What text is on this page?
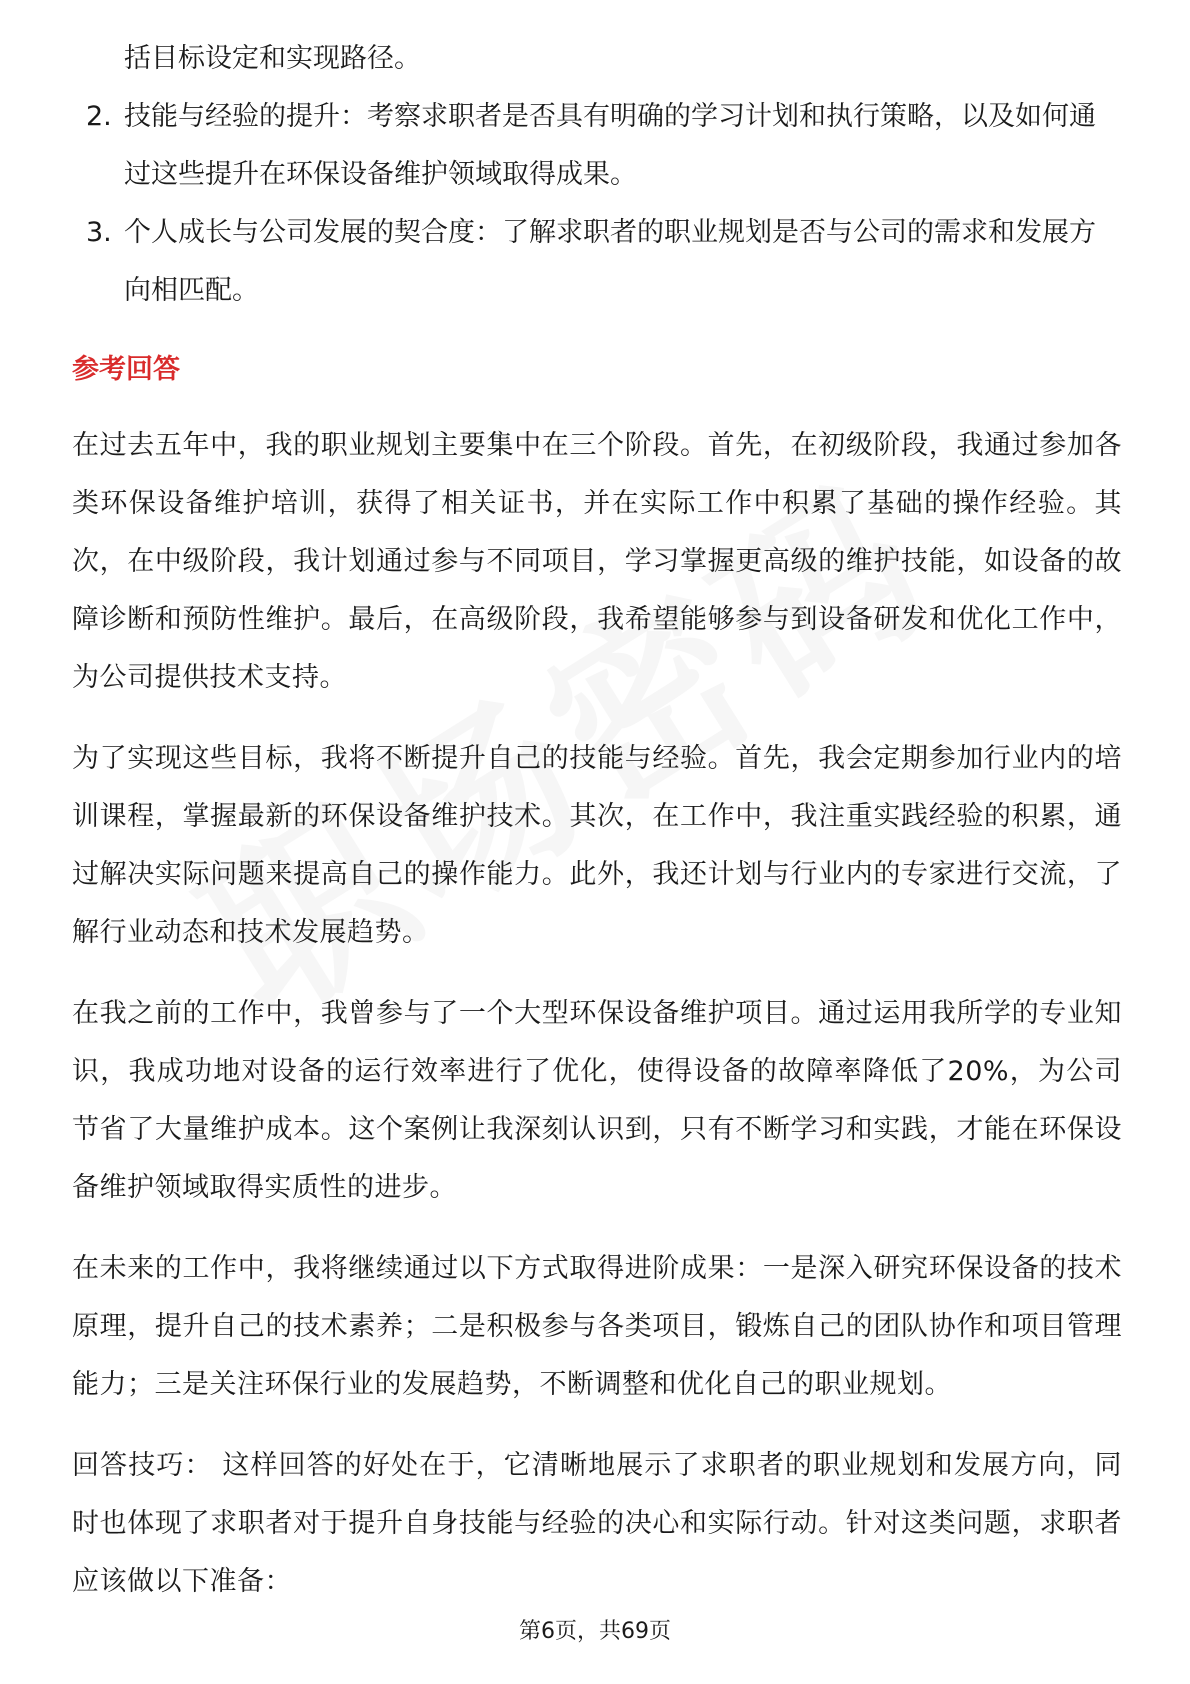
括目标设定和实现路径。

2. 技能与经验的提升：考察求职者是否具有明确的学习计划和执行策略，以及如何通过这些提升在环保设备维护领域取得成果。

3. 个人成长与公司发展的契合度：了解求职者的职业规划是否与公司的需求和发展方向相匹配。

参考回答

在过去五年中，我的职业规划主要集中在三个阶段。首先，在初级阶段，我通过参加各类环保设备维护培训，获得了相关证书，并在实际工作中积累了基础的操作经验。其次，在中级阶段，我计划通过参与不同项目，学习掌握更高级的维护技能，如设备的故障诊断和预防性维护。最后，在高级阶段，我希望能够参与到设备研发和优化工作中，为公司提供技术支持。

为了实现这些目标，我将不断提升自己的技能与经验。首先，我会定期参加行业内的培训课程，掌握最新的环保设备维护技术。其次，在工作中，我注重实践经验的积累，通过解决实际问题来提高自己的操作能力。此外，我还计划与行业内的专家进行交流，了解行业动态和技术发展趋势。

在我之前的工作中，我曾参与了一个大型环保设备维护项目。通过运用我所学的专业知识，我成功地对设备的运行效率进行了优化，使得设备的故障率降低了20%，为公司节省了大量维护成本。这个案例让我深刻认识到，只有不断学习和实践，才能在环保设备维护领域取得实质性的进步。

在未来的工作中，我将继续通过以下方式取得进阶成果：一是深入研究环保设备的技术原理，提升自己的技术素养；二是积极参与各类项目，锻炼自己的团队协作和项目管理能力；三是关注环保行业的发展趋势，不断调整和优化自己的职业规划。

回答技巧： 这样回答的好处在于，它清晰地展示了求职者的职业规划和发展方向，同时也体现了求职者对于提升自身技能与经验的决心和实际行动。针对这类问题，求职者应该做以下准备：

第6页，共69页
